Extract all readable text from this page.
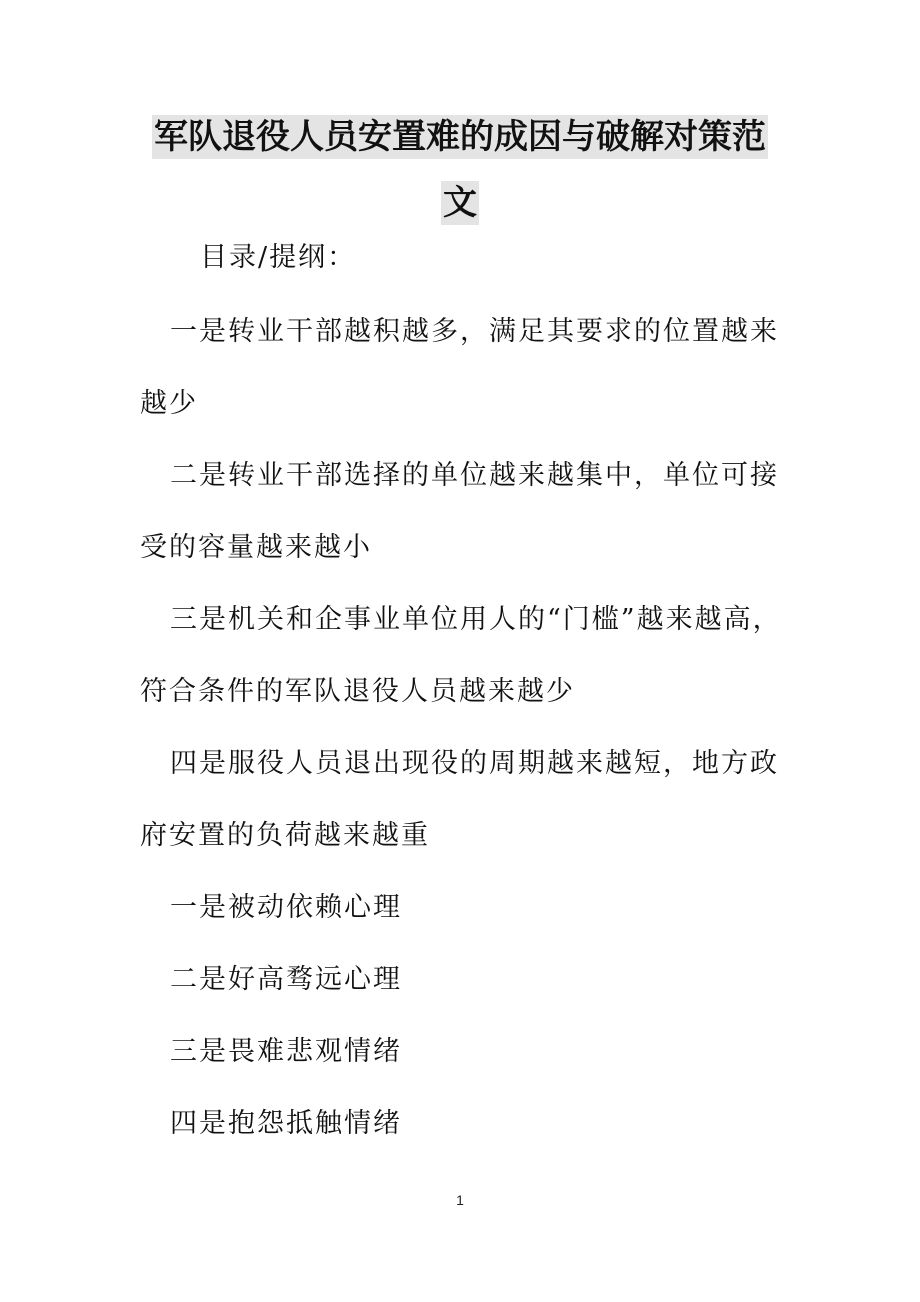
军队退役人员安置难的成因与破解对策范文
目录/提纲：

一是转业干部越积越多，满足其要求的位置越来越少

二是转业干部选择的单位越来越集中，单位可接受的容量越来越小

三是机关和企事业单位用人的“门槛”越来越高，符合条件的军队退役人员越来越少

四是服役人员退出现役的周期越来越短，地方政府安置的负荷越来越重

一是被动依赖心理

二是好高骛远心理

三是畏难悲观情绪

四是抱怨抵触情绪

1
